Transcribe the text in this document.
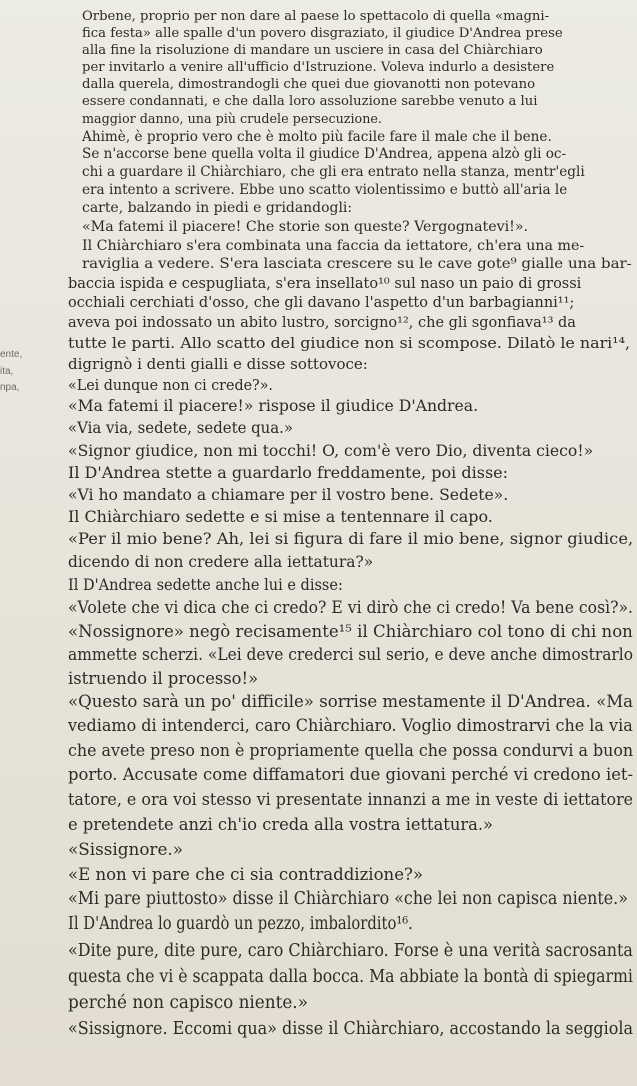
ente,
ita,
npa,
Orbene, proprio per non dare al paese lo spettacolo di quella «magni-
fica festa» alle spalle d'un povero disgraziato, il giudice D'Andrea prese
alla fine la risoluzione di mandare un usciere in casa del Chiàrchiaro
per invitarlo a venire all'ufficio d'Istruzione. Voleva indurlo a desistere
dalla querela, dimostrandogli che quei due giovanotti non potevano
essere condannati, e che dalla loro assoluzione sarebbe venuto a lui
maggior danno, una più crudele persecuzione.
Ahimè, è proprio vero che è molto più facile fare il male che il bene.
Se n'accorse bene quella volta il giudice D'Andrea, appena alzò gli oc-
chi a guardare il Chiàrchiaro, che gli era entrato nella stanza, mentr'egli
era intento a scrivere. Ebbe uno scatto violentissimo e buttò all'aria le
carte, balzando in piedi e gridandogli:
«Ma fatemi il piacere! Che storie son queste? Vergognatevi!».
Il Chiàrchiaro s'era combinata una faccia da iettatore, ch'era una me-
raviglia a vedere. S'era lasciata crescere su le cave gote⁹ gialle una bar-
baccia ispida e cespugliata, s'era insellato¹⁰ sul naso un paio di grossi
occhiali cerchiati d'osso, che gli davano l'aspetto d'un barbagianni¹¹;
aveva poi indossato un abito lustro, sorcigno¹², che gli sgonfiava¹³ da
tutte le parti. Allo scatto del giudice non si scompose. Dilatò le nari¹⁴,
digrignò i denti gialli e disse sottovoce:
«Lei dunque non ci crede?».
«Ma fatemi il piacere!» rispose il giudice D'Andrea.
«Via via, sedete, sedete qua.»
«Signor giudice, non mi tocchi! O, com'è vero Dio, diventa cieco!»
Il D'Andrea stette a guardarlo freddamente, poi disse:
«Vi ho mandato a chiamare per il vostro bene. Sedete».
Il Chiàrchiaro sedette e si mise a tentennare il capo.
«Per il mio bene? Ah, lei si figura di fare il mio bene, signor giudice,
dicendo di non credere alla iettatura?»
Il D'Andrea sedette anche lui e disse:
«Volete che vi dica che ci credo? E vi dirò che ci credo! Va bene così?».
«Nossignore» negò recisamente¹⁵ il Chiàrchiaro col tono di chi non
ammette scherzi. «Lei deve crederci sul serio, e deve anche dimostrarlo
istruendo il processo!»
«Questo sarà un po' difficile» sorrise mestamente il D'Andrea. «Ma
vediamo di intenderci, caro Chiàrchiaro. Voglio dimostrarvi che la via
che avete preso non è propriamente quella che possa condurvi a buon
porto. Accusate come diffamatori due giovani perché vi credono iet-
tatore, e ora voi stesso vi presentate innanzi a me in veste di iettatore
e pretendete anzi ch'io creda alla vostra iettatura.»
«Sissignore.»
«E non vi pare che ci sia contraddizione?»
«Mi pare piuttosto» disse il Chiàrchiaro «che lei non capisca niente.»
Il D'Andrea lo guardò un pezzo, imbalordito¹⁶.
«Dite pure, dite pure, caro Chiàrchiaro. Forse è una verità sacrosanta
questa che vi è scappata dalla bocca. Ma abbiate la bontà di spiegarmi
perché non capisco niente.»
«Sissignore. Eccomi qua» disse il Chiàrchiaro, accostando la seggiola
